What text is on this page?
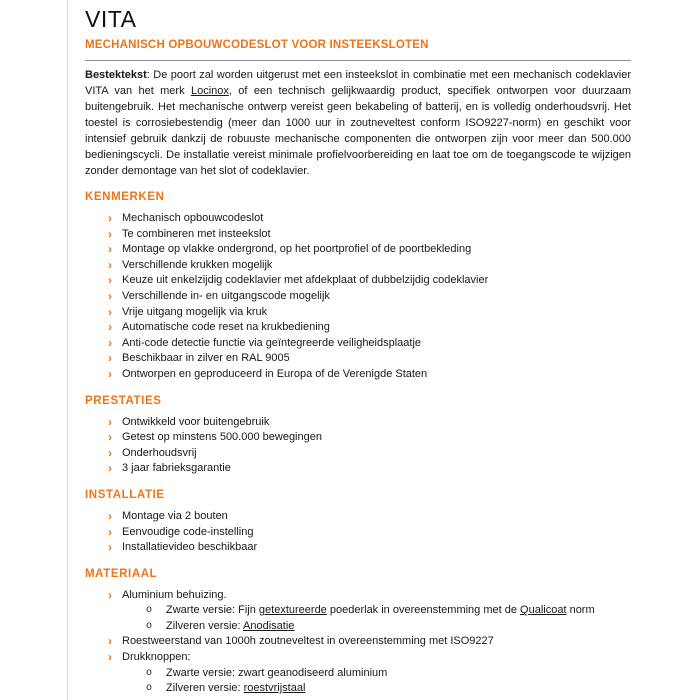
VITA
MECHANISCH OPBOUWCODESLOT VOOR INSTEEKSLOTEN

Bestektekst: De poort zal worden uitgerust met een insteekslot in combinatie met een mechanisch codeklavier VITA van het merk Locinox, of een technisch gelijkwaardig product, specifiek ontworpen voor duurzaam buitengebruik. Het mechanische ontwerp vereist geen bekabeling of batterij, en is volledig onderhoudsvrij. Het toestel is corrosiebestendig (meer dan 1000 uur in zoutneveltest conform ISO9227-norm) en geschikt voor intensief gebruik dankzij de robuuste mechanische componenten die ontworpen zijn voor meer dan 500.000 bedieningscycli. De installatie vereist minimale profielvoorbereiding en laat toe om de toegangscode te wijzigen zonder demontage van het slot of codeklavier.

KENMERKEN
› Mechanisch opbouwcodeslot
› Te combineren met insteekslot
› Montage op vlakke ondergrond, op het poortprofiel of de poortbekleding
› Verschillende krukken mogelijk
› Keuze uit enkelzijdig codeklavier met afdekplaat of dubbelzijdig codeklavier
› Verschillende in- en uitgangscode mogelijk
› Vrije uitgang mogelijk via kruk
› Automatische code reset na krukbediening
› Anti-code detectie functie via geïntegreerde veiligheidsplaatje
› Beschikbaar in zilver en RAL 9005
› Ontworpen en geproduceerd in Europa of de Verenigde Staten
PRESTATIES
› Ontwikkeld voor buitengebruik
› Getest op minstens 500.000 bewegingen
› Onderhoudsvrij
› 3 jaar fabrieksgarantie
INSTALLATIE
› Montage via 2 bouten
› Eenvoudige code-instelling
› Installatievideo beschikbaar
MATERIAAL
› Aluminium behuizing.
o	Zwarte versie: Fijn getextureerde poederlak in overeenstemming met de Qualicoat norm
o	Zilveren versie: Anodisatie
› Roestweerstand van 1000h zoutneveltest in overeenstemming met ISO9227
› Drukknoppen:
o	Zwarte versie: zwart geanodiseerd aluminium
o	Zilveren versie: roestvrijstaal
